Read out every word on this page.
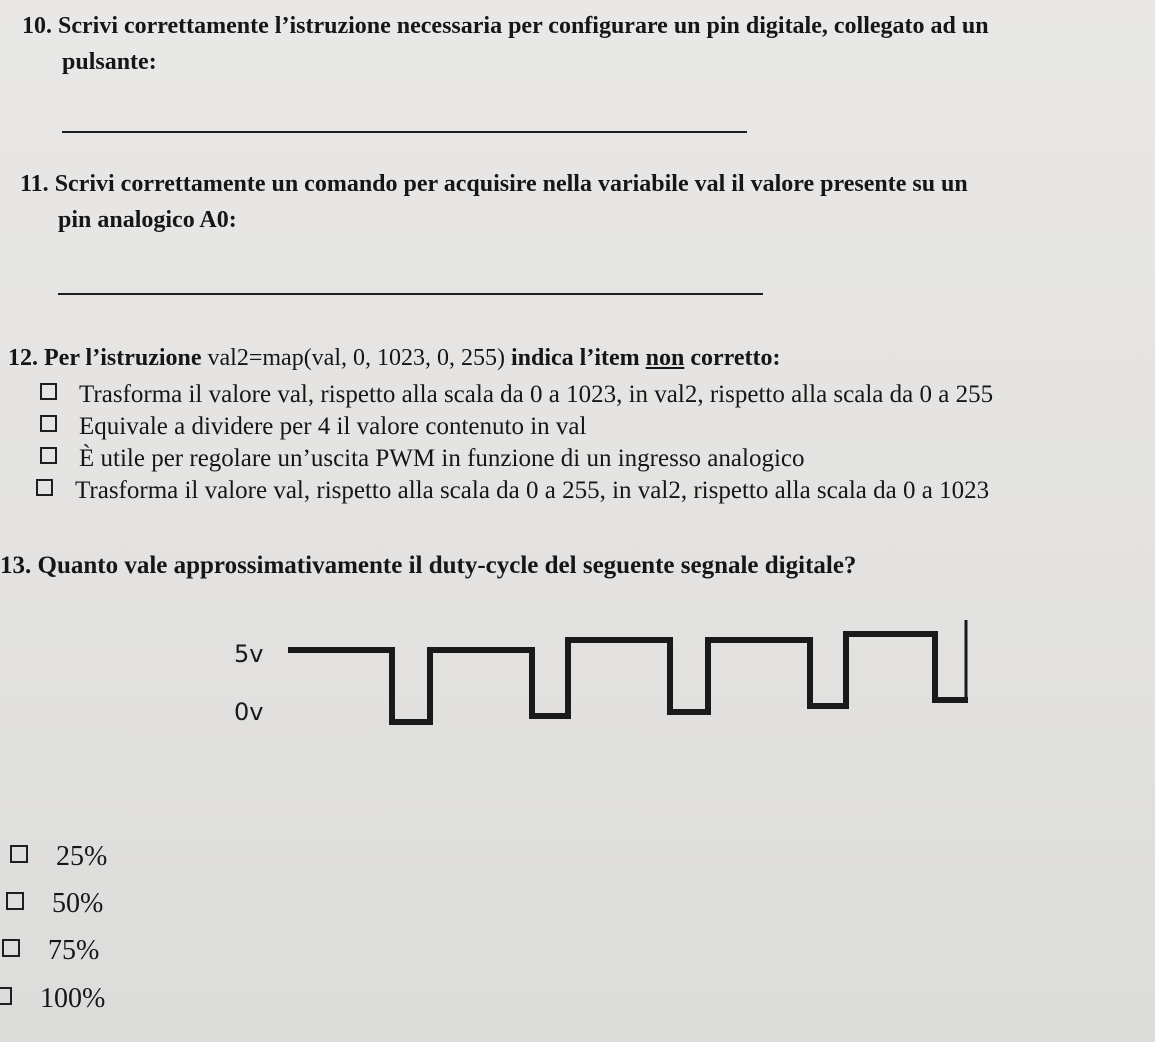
10. Scrivi correttamente l’istruzione necessaria per configurare un pin digitale, collegato ad un
pulsante:
11. Scrivi correttamente un comando per acquisire nella variabile val il valore presente su un
pin analogico A0:
12. Per l’istruzione val2=map(val, 0, 1023, 0, 255) indica l’item non corretto:
Trasforma il valore val, rispetto alla scala da 0 a 1023, in val2, rispetto alla scala da 0 a 255
Equivale a dividere per 4 il valore contenuto in val
È utile per regolare un’uscita PWM in funzione di un ingresso analogico
Trasforma il valore val, rispetto alla scala da 0 a 255, in val2, rispetto alla scala da 0 a 1023
13. Quanto vale approssimativamente il duty-cycle del seguente segnale digitale?
5v
0v
25%
50%
75%
100%
